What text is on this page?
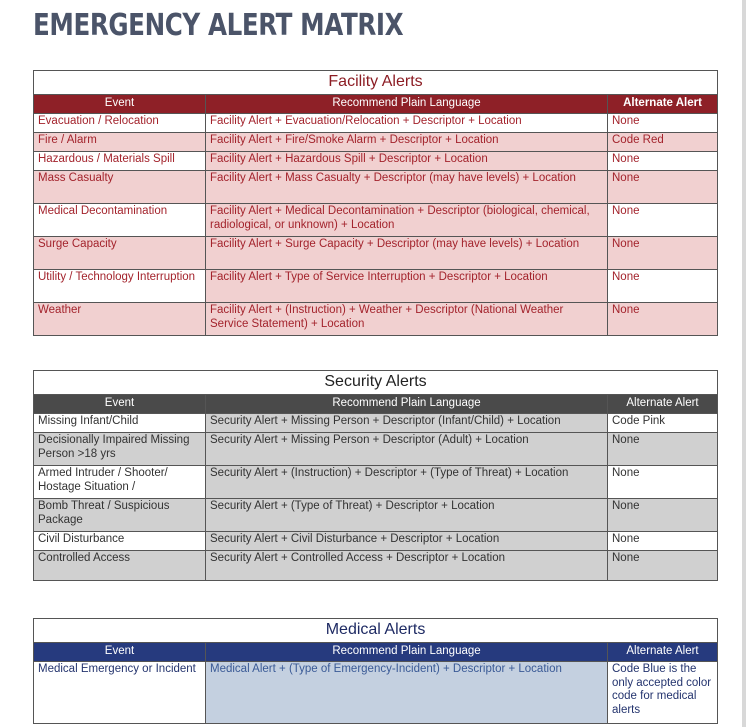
EMERGENCY ALERT MATRIX
Facility Alerts		
Event	Recommend Plain Language	Alternate Alert
Evacuation / Relocation	Facility Alert + Evacuation/Relocation + Descriptor + Location	None
Fire / Alarm	Facility Alert + Fire/Smoke Alarm + Descriptor + Location	Code Red
Hazardous / Materials Spill	Facility Alert + Hazardous Spill + Descriptor + Location	None
Mass Casualty	Facility Alert + Mass Casualty + Descriptor (may have levels) + Location	None
Medical Decontamination	Facility Alert + Medical Decontamination + Descriptor (biological, chemical, radiological, or unknown) + Location	None
Surge Capacity	Facility Alert + Surge Capacity + Descriptor (may have levels) + Location	None
Utility / Technology Interruption	Facility Alert + Type of Service Interruption + Descriptor + Location	None
Weather	Facility Alert + (Instruction) + Weather + Descriptor (National Weather Service Statement) + Location	None
Security Alerts		
Event	Recommend Plain Language	Alternate Alert
Missing Infant/Child	Security Alert + Missing Person + Descriptor (Infant/Child) + Location	Code Pink
Decisionally Impaired Missing Person >18 yrs	Security Alert + Missing Person + Descriptor (Adult) + Location	None
Armed Intruder / Shooter/ Hostage Situation /	Security Alert + (Instruction) + Descriptor + (Type of Threat) + Location	None
Bomb Threat / Suspicious Package	Security Alert + (Type of Threat) + Descriptor + Location	None
Civil Disturbance	Security Alert + Civil Disturbance + Descriptor + Location	None
Controlled Access	Security Alert + Controlled Access + Descriptor + Location	None
Medical Alerts		
Event	Recommend Plain Language	Alternate Alert
Medical Emergency or Incident	Medical Alert + (Type of Emergency-Incident) + Descriptor + Location	Code Blue is the only accepted color code for medical alerts
